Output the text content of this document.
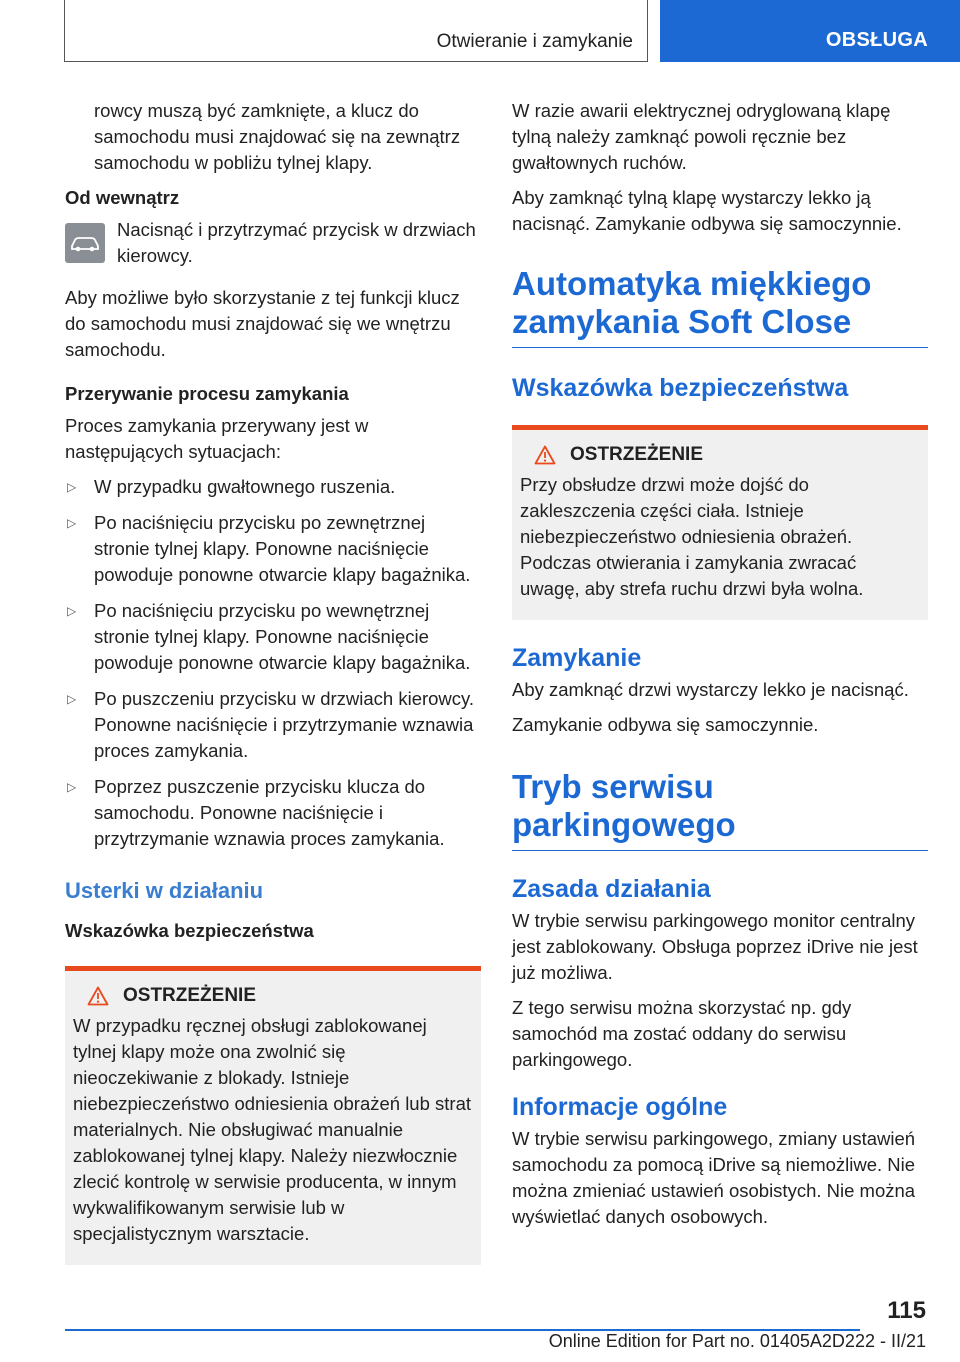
Otwieranie i zamykanie	OBSŁUGA

rowcy muszą być zamknięte, a klucz do samochodu musi znajdować się na zewnątrz samochodu w pobliżu tylnej klapy.

Od wewnątrz

Nacisnąć i przytrzymać przycisk w drzwiach kierowcy.

Aby możliwe było skorzystanie z tej funkcji klucz do samochodu musi znajdować się we wnętrzu samochodu.

Przerywanie procesu zamykania

Proces zamykania przerywany jest w następujących sytuacjach:

▷ W przypadku gwałtownego ruszenia.
▷ Po naciśnięciu przycisku po zewnętrznej stronie tylnej klapy. Ponowne naciśnięcie powoduje ponowne otwarcie klapy bagażnika.
▷ Po naciśnięciu przycisku po wewnętrznej stronie tylnej klapy. Ponowne naciśnięcie powoduje ponowne otwarcie klapy bagażnika.
▷ Po puszczeniu przycisku w drzwiach kierowcy. Ponowne naciśnięcie i przytrzymanie wznawia proces zamykania.
▷ Poprzez puszczenie przycisku klucza do samochodu. Ponowne naciśnięcie i przytrzymanie wznawia proces zamykania.
Usterki w działaniu
Wskazówka bezpieczeństwa
OSTRZEŻENIE

W przypadku ręcznej obsługi zablokowanej tylnej klapy może ona zwolnić się nieoczekiwanie z blokady. Istnieje niebezpieczeństwo odniesienia obrażeń lub strat materialnych. Nie obsługiwać manualnie zablokowanej tylnej klapy. Należy niezwłocznie zlecić kontrolę w serwisie producenta, w innym wykwalifikowanym serwisie lub w specjalistycznym warsztacie.

W razie awarii elektrycznej odryglowaną klapę tylną należy zamknąć powoli ręcznie bez gwałtownych ruchów.

Aby zamknąć tylną klapę wystarczy lekko ją nacisnąć. Zamykanie odbywa się samoczynnie.

Automatyka miękkiego zamykania Soft Close
Wskazówka bezpieczeństwa
OSTRZEŻENIE

Przy obsłudze drzwi może dojść do zakleszczenia części ciała. Istnieje niebezpieczeństwo odniesienia obrażeń. Podczas otwierania i zamykania zwracać uwagę, aby strefa ruchu drzwi była wolna.

Zamykanie

Aby zamknąć drzwi wystarczy lekko je nacisnąć.

Zamykanie odbywa się samoczynnie.

Tryb serwisu parkingowego
Zasada działania

W trybie serwisu parkingowego monitor centralny jest zablokowany. Obsługa poprzez iDrive nie jest już możliwa.

Z tego serwisu można skorzystać np. gdy samochód ma zostać oddany do serwisu parkingowego.

Informacje ogólne

W trybie serwisu parkingowego, zmiany ustawień samochodu za pomocą iDrive są niemożliwe. Nie można zmieniać ustawień osobistych. Nie można wyświetlać danych osobowych.

115
Online Edition for Part no. 01405A2D222 - II/21
